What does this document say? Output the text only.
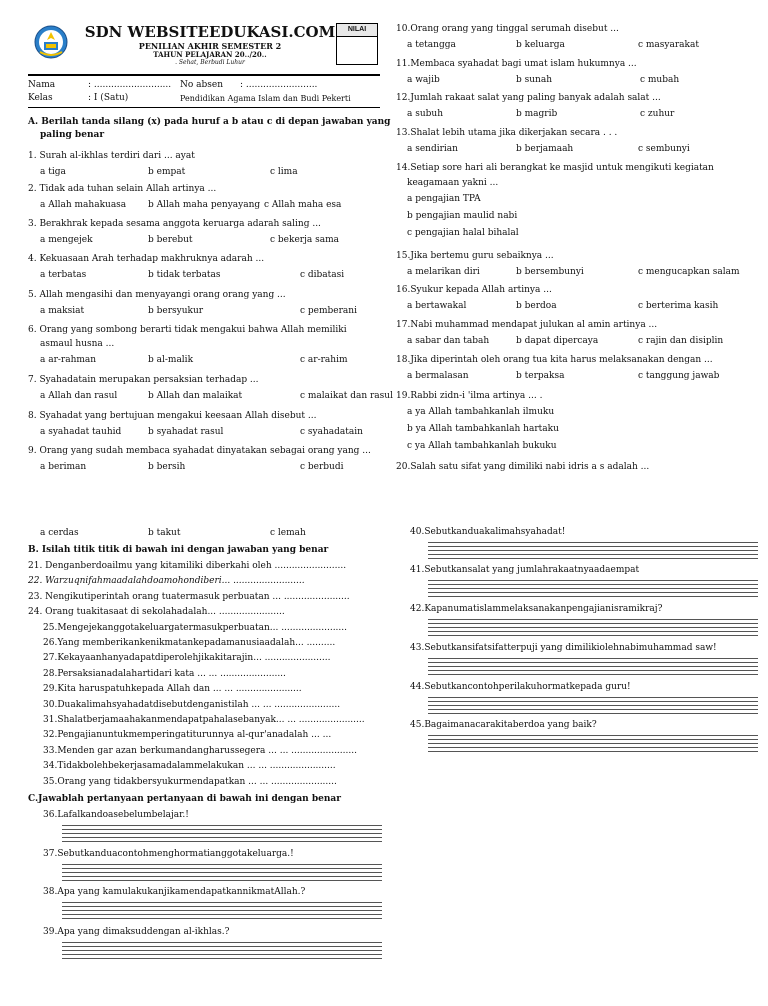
SDN WEBSITEEDUKASI.COM
PENILIAN AKHIR SEMESTER 2
TAHUN PELAJARAN 20../20..
. Sehat, Berbudi Luhur
NILAI
Nama	: ........................... No absen : .........................
Kelas	: I (Satu)	Pendidikan Agama Islam dan Budi Pekerti
A. Berilah tanda silang (x) pada huruf a b atau c di depan jawaban yang
paling benar
1. Surah al-ikhlas terdiri dari ... ayat
a tiga	b empat	c lima
2. Tidak ada tuhan selain Allah artinya ...
a Allah mahakuasa b Allah maha penyayang c Allah maha esa
3. Berakhrak kepada sesama anggota keruarga adarah saling ...
a mengejek	b berebut	c bekerja sama
4. Kekuasaan Arah terhadap makhruknya adarah ...
a terbatas	b tidak terbatas	c dibatasi
5. Allah mengasihi dan menyayangi orang orang yang ...
a maksiat	b bersyukur	c pemberani
6. Orang yang sombong berarti tidak mengakui bahwa Allah memiliki
asmaul husna ...
a ar-rahman	b al-malik	c ar-rahim
7. Syahadatain merupakan persaksian terhadap ...
a Allah dan rasul	b Allah dan malaikat	c malaikat dan rasul
8. Syahadat yang bertujuan mengakui keesaan Allah disebut ...
a syahadat tauhid	b syahadat rasul	c syahadatain
9. Orang yang sudah membaca syahadat dinyatakan sebagai orang yang ...
a beriman	b bersih	c berbudi
10.Orang orang yang tinggal serumah disebut ...
a tetangga	b keluarga	c masyarakat
11.Membaca syahadat bagi umat islam hukumnya ...
a wajib	b sunah	c mubah
12.Jumlah rakaat salat yang paling banyak adalah salat ...
a subuh	b magrib	c zuhur
13.Shalat lebih utama jika dikerjakan secara . . .
a sendirian	b berjamaah	c sembunyi
14.Setiap sore hari ali berangkat ke masjid untuk mengikuti kegiatan
keagamaan yakni ...
a pengajian TPA
b pengajian maulid nabi
c pengajian halal bihalal
15.Jika bertemu guru sebaiknya ...
a melarikan diri	b bersembunyi	c mengucapkan salam
16.Syukur kepada Allah artinya ...
a bertawakal	b berdoa	c berterima kasih
17.Nabi muhammad mendapat julukan al amin artinya ...
a sabar dan tabah	b dapat dipercaya	c rajin dan disiplin
18.Jika diperintah oleh orang tua kita harus melaksanakan dengan ...
a bermalasan	b terpaksa	c tanggung jawab
19.Rabbi zidn-i 'ilma artinya ... .
a ya Allah tambahkanlah ilmuku
b ya Allah tambahkanlah hartaku
c ya Allah tambahkanlah bukuku
20.Salah satu sifat yang dimiliki nabi idris a s adalah ...
a cerdas	b takut	c lemah
B. Isilah titik titik di bawah ini dengan jawaban yang benar
21. Denganberdoailmu yang kitamiliki diberkahi oleh .........................
22. Warzuqnifahmaadalahdoamohondiberi... .........................
23. Nengikutiperintah orang tuatermasuk perbuatan ... .......................
24. Orang tuakitasaat di sekolahadalah... .......................
25.Mengejekanggotakeluargatermasukperbuatan... .......................
26.Yang memberikankenikmatankepadamanusiaadalah... ..........
27.Kekayaanhanyadapatdiperolehjikakitarajin... .......................
28.Persaksianadalahartidari kata ... ... .......................
29.Kita haruspatuhkepada Allah dan ... ... .......................
30.Duakalimahsyahadatdisebutdenganistilah ... ... .......................
31.Shalatberjamaahakanmendapatpahalasebanyak... ... .......................
32.Pengajianuntukmemperingatiturunnya al-qur'anadalah ... ...
33.Menden gar azan berkumandangharussegera ... ... .......................
34.Tidakbolehbekerjasamadalammelakukan ... ... .......................
35.Orang yang tidakbersyukurmendapatkan ... ... .......................
C.Jawablah pertanyaan pertanyaan di bawah ini dengan benar
36.Lafalkandoasebelumbelajar.!
37.Sebutkanduacontohmenghormatianggotakeluarga.!
38.Apa yang kamulakukanjikamendapatkannikmatAllah.?
39.Apa yang dimaksuddengan al-ikhlas.?
40.Sebutkanduakalimahsyahadat!
41.Sebutkansalat yang jumlahrakaatnyaadaempat
42.Kapanumatislammelaksanakanpengajianisramikraj?
43.Sebutkansifatsifatterpuji yang dimilikiolehnabimuhammad saw!
44.Sebutkancontohperilakuhormatkepada guru!
45.Bagaimanacarakitaberdoa yang baik?
